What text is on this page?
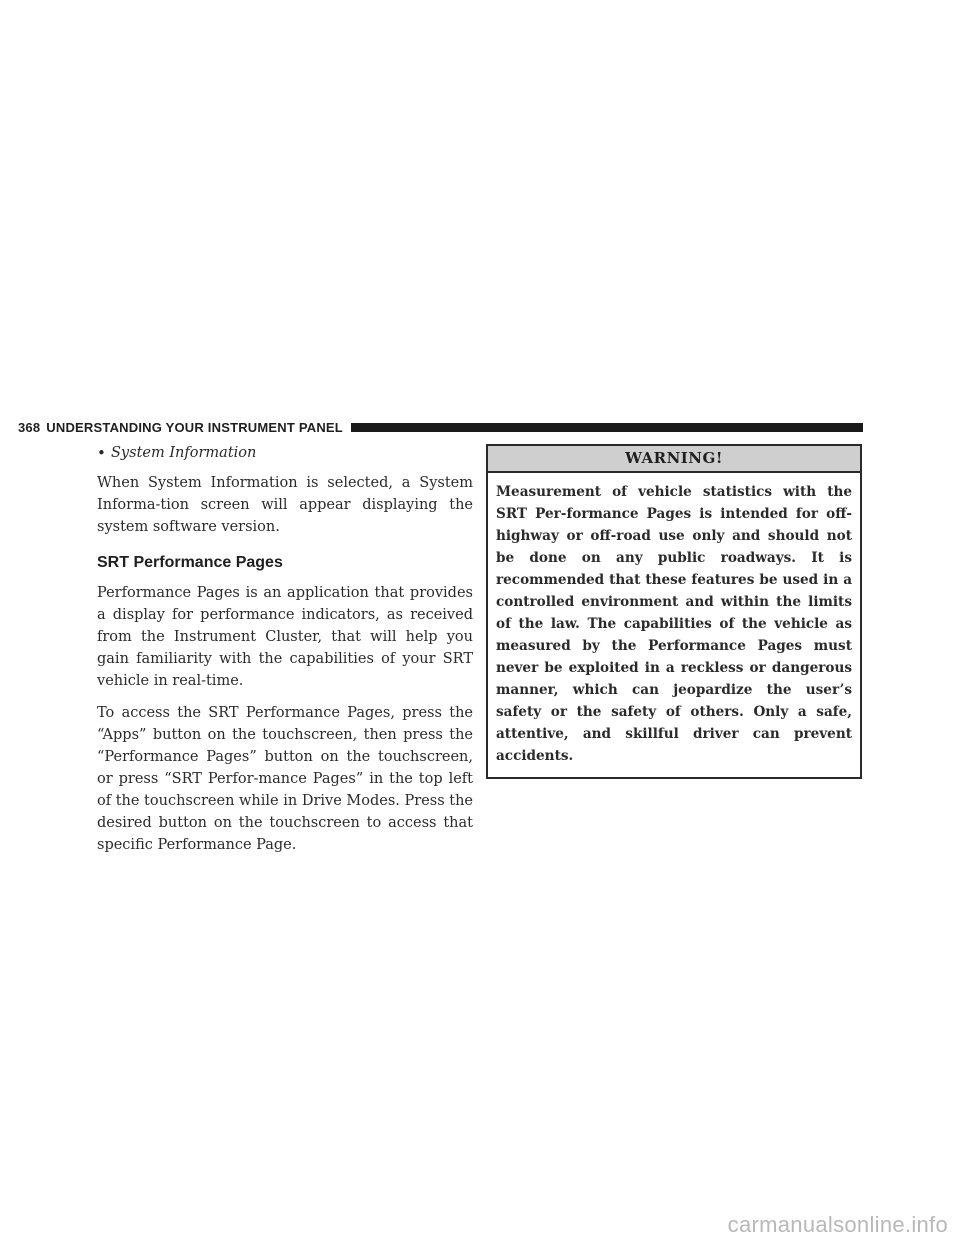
368 UNDERSTANDING YOUR INSTRUMENT PANEL
• System Information

When System Information is selected, a System Informa-tion screen will appear displaying the system software version.

SRT Performance Pages

Performance Pages is an application that provides a display for performance indicators, as received from the Instrument Cluster, that will help you gain familiarity with the capabilities of your SRT vehicle in real-time.

To access the SRT Performance Pages, press the “Apps” button on the touchscreen, then press the “Performance Pages” button on the touchscreen, or press “SRT Perfor-mance Pages” in the top left of the touchscreen while in Drive Modes. Press the desired button on the touchscreen to access that specific Performance Page.

WARNING!

Measurement of vehicle statistics with the SRT Per-formance Pages is intended for off-highway or off-road use only and should not be done on any public roadways. It is recommended that these features be used in a controlled environment and within the limits of the law. The capabilities of the vehicle as measured by the Performance Pages must never be exploited in a reckless or dangerous manner, which can jeopardize the user’s safety or the safety of others. Only a safe, attentive, and skillful driver can prevent accidents.

carmanualsonline.info
